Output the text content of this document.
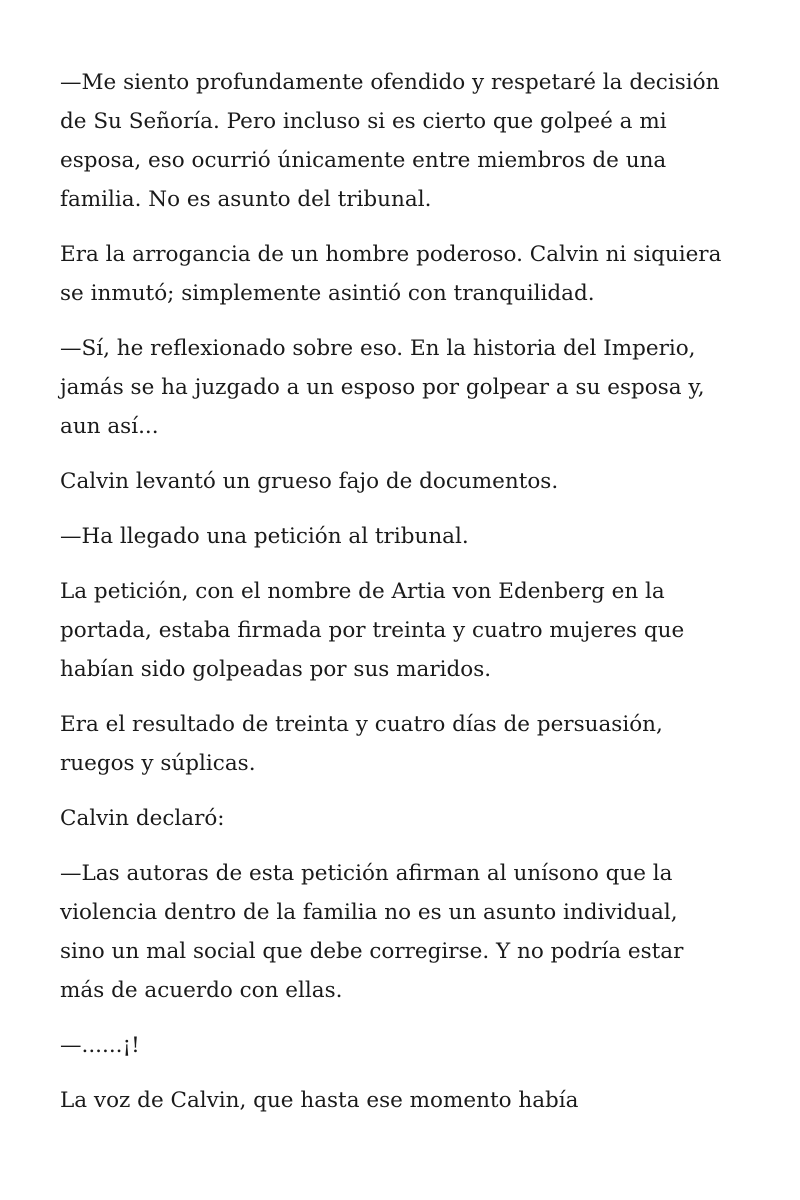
—Me siento profundamente ofendido y respetaré la decisión
de Su Señoría. Pero incluso si es cierto que golpeé a mi
esposa, eso ocurrió únicamente entre miembros de una
familia. No es asunto del tribunal.

Era la arrogancia de un hombre poderoso. Calvin ni siquiera
se inmutó; simplemente asintió con tranquilidad.

—Sí, he reflexionado sobre eso. En la historia del Imperio,
jamás se ha juzgado a un esposo por golpear a su esposa y,
aun así...

Calvin levantó un grueso fajo de documentos.

—Ha llegado una petición al tribunal.

La petición, con el nombre de Artia von Edenberg en la
portada, estaba firmada por treinta y cuatro mujeres que
habían sido golpeadas por sus maridos.

Era el resultado de treinta y cuatro días de persuasión,
ruegos y súplicas.

Calvin declaró:

—Las autoras de esta petición afirman al unísono que la
violencia dentro de la familia no es un asunto individual,
sino un mal social que debe corregirse. Y no podría estar
más de acuerdo con ellas.

—......¡!

La voz de Calvin, que hasta ese momento había
